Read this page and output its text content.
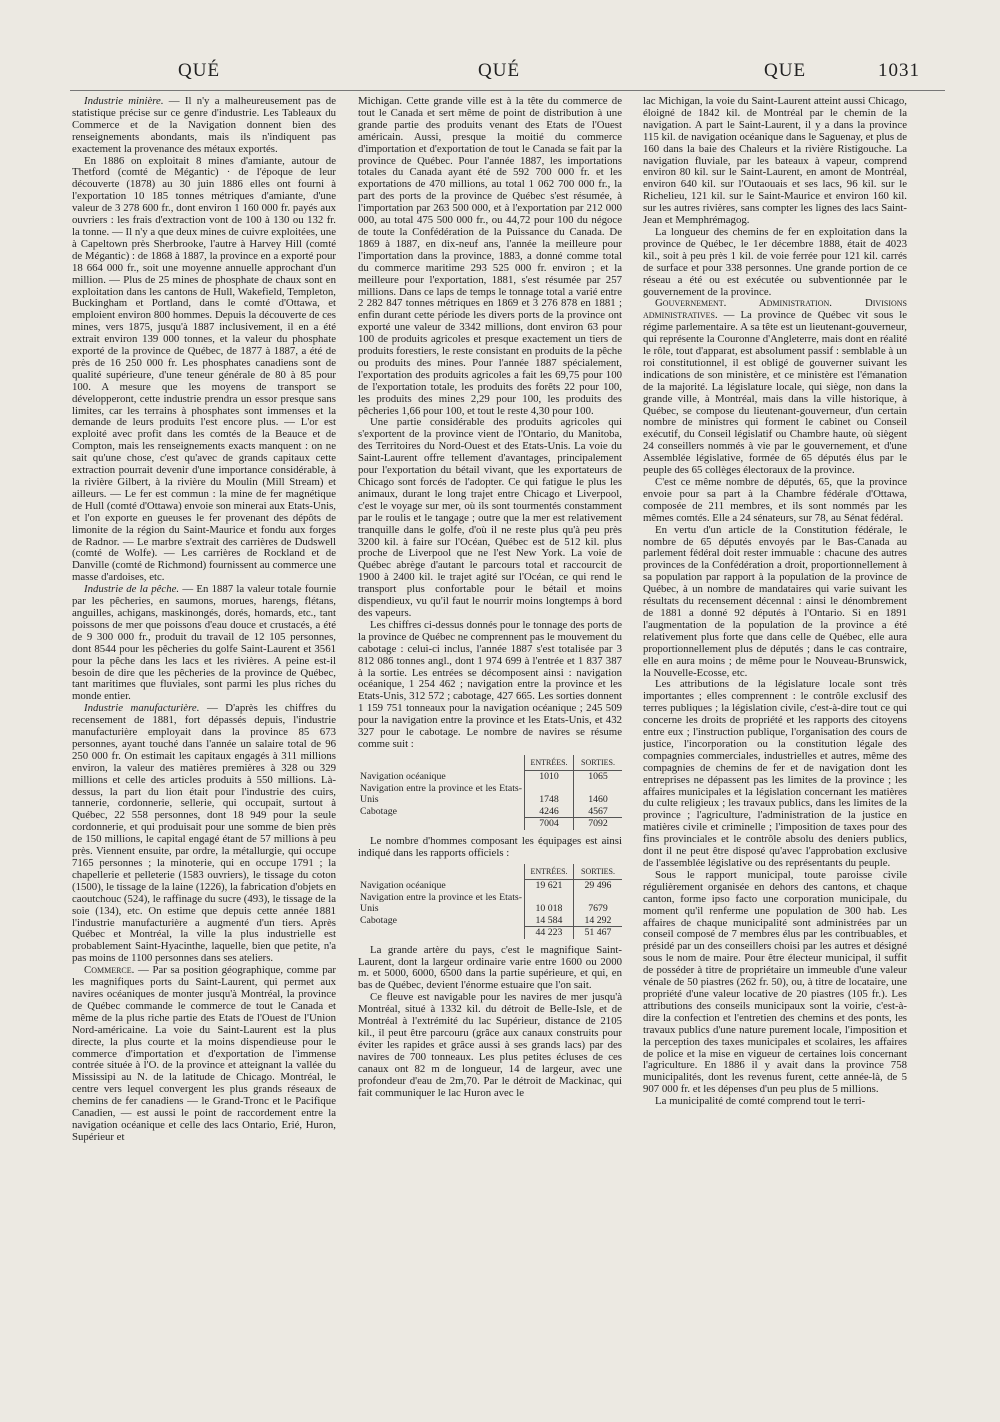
QUÉ	QUÉ	QUE	1031

Industrie minière. — Il n'y a malheureusement pas de statistique précise sur ce genre d'industrie. Les Tableaux du Commerce et de la Navigation donnent bien des renseignements abondants, mais ils n'indiquent pas exactement la provenance des métaux exportés.

En 1886 on exploitait 8 mines d'amiante, autour de Thetford (comté de Mégantic) · de l'époque de leur découverte (1878) au 30 juin 1886 elles ont fourni à l'exportation 10 185 tonnes métriques d'amiante, d'une valeur de 3 278 600 fr., dont environ 1 160 000 fr. payés aux ouvriers : les frais d'extraction vont de 100 à 130 ou 132 fr. la tonne. — Il n'y a que deux mines de cuivre exploitées, une à Capeltown près Sherbrooke, l'autre à Harvey Hill (comté de Mégantic) : de 1868 à 1887, la province en a exporté pour 18 664 000 fr., soit une moyenne annuelle approchant d'un million. — Plus de 25 mines de phosphate de chaux sont en exploitation dans les cantons de Hull, Wakefield, Templeton, Buckingham et Portland, dans le comté d'Ottawa, et emploient environ 800 hommes. Depuis la découverte de ces mines, vers 1875, jusqu'à 1887 inclusivement, il en a été extrait environ 139 000 tonnes, et la valeur du phosphate exporté de la province de Québec, de 1877 à 1887, a été de près de 16 250 000 fr. Les phosphates canadiens sont de qualité supérieure, d'une teneur générale de 80 à 85 pour 100. A mesure que les moyens de transport se développeront, cette industrie prendra un essor presque sans limites, car les terrains à phosphates sont immenses et la demande de leurs produits l'est encore plus. — L'or est exploité avec profit dans les comtés de la Beauce et de Compton, mais les renseignements exacts manquent : on ne sait qu'une chose, c'est qu'avec de grands capitaux cette extraction pourrait devenir d'une importance considérable, à la rivière Gilbert, à la rivière du Moulin (Mill Stream) et ailleurs. — Le fer est commun : la mine de fer magnétique de Hull (comté d'Ottawa) envoie son minerai aux Etats-Unis, et l'on exporte en gueuses le fer provenant des dépôts de limonite de la région du Saint-Maurice et fondu aux forges de Radnor. — Le marbre s'extrait des carrières de Dudswell (comté de Wolfe). — Les carrières de Rockland et de Danville (comté de Richmond) fournissent au commerce une masse d'ardoises, etc.

Industrie de la pêche. — En 1887 la valeur totale fournie par les pêcheries, en saumons, morues, harengs, flétans, anguilles, achigans, maskinongés, dorés, homards, etc., tant poissons de mer que poissons d'eau douce et crustacés, a été de 9 300 000 fr., produit du travail de 12 105 personnes, dont 8544 pour les pêcheries du golfe Saint-Laurent et 3561 pour la pêche dans les lacs et les rivières. A peine est-il besoin de dire que les pêcheries de la province de Québec, tant maritimes que fluviales, sont parmi les plus riches du monde entier.

Industrie manufacturière. — D'après les chiffres du recensement de 1881, fort dépassés depuis, l'industrie manufacturière employait dans la province 85 673 personnes, ayant touché dans l'année un salaire total de 96 250 000 fr. On estimait les capitaux engagés à 311 millions environ, la valeur des matières premières à 328 ou 329 millions et celle des articles produits à 550 millions. Là-dessus, la part du lion était pour l'industrie des cuirs, tannerie, cordonnerie, sellerie, qui occupait, surtout à Québec, 22 558 personnes, dont 18 949 pour la seule cordonnerie, et qui produisait pour une somme de bien près de 150 millions, le capital engagé étant de 57 millions à peu près. Viennent ensuite, par ordre, la métallurgie, qui occupe 7165 personnes ; la minoterie, qui en occupe 1791 ; la chapellerie et pelleterie (1583 ouvriers), le tissage du coton (1500), le tissage de la laine (1226), la fabrication d'objets en caoutchouc (524), le raffinage du sucre (493), le tissage de la soie (134), etc. On estime que depuis cette année 1881 l'industrie manufacturière a augmenté d'un tiers. Après Québec et Montréal, la ville la plus industrielle est probablement Saint-Hyacinthe, laquelle, bien que petite, n'a pas moins de 1100 personnes dans ses ateliers.

Commerce. — Par sa position géographique, comme par les magnifiques ports du Saint-Laurent, qui permet aux navires océaniques de monter jusqu'à Montréal, la province de Québec commande le commerce de tout le Canada et même de la plus riche partie des Etats de l'Ouest de l'Union Nord-américaine. La voie du Saint-Laurent est la plus directe, la plus courte et la moins dispendieuse pour le commerce d'importation et d'exportation de l'immense contrée située à l'O. de la province et atteignant la vallée du Mississipi au N. de la latitude de Chicago. Montréal, le centre vers lequel convergent les plus grands réseaux de chemins de fer canadiens — le Grand-Tronc et le Pacifique Canadien, — est aussi le point de raccordement entre la navigation océanique et celle des lacs Ontario, Erié, Huron, Supérieur et

Michigan. Cette grande ville est à la tête du commerce de tout le Canada et sert même de point de distribution à une grande partie des produits venant des Etats de l'Ouest américain. Aussi, presque la moitié du commerce d'importation et d'exportation de tout le Canada se fait par la province de Québec. Pour l'année 1887, les importations totales du Canada ayant été de 592 700 000 fr. et les exportations de 470 millions, au total 1 062 700 000 fr., la part des ports de la province de Québec s'est résumée, à l'importation par 263 500 000, et à l'exportation par 212 000 000, au total 475 500 000 fr., ou 44,72 pour 100 du négoce de toute la Confédération de la Puissance du Canada. De 1869 à 1887, en dix-neuf ans, l'année la meilleure pour l'importation dans la province, 1883, a donné comme total du commerce maritime 293 525 000 fr. environ ; et la meilleure pour l'exportation, 1881, s'est résumée par 257 millions. Dans ce laps de temps le tonnage total a varié entre 2 282 847 tonnes métriques en 1869 et 3 276 878 en 1881 ; enfin durant cette période les divers ports de la province ont exporté une valeur de 3342 millions, dont environ 63 pour 100 de produits agricoles et presque exactement un tiers de produits forestiers, le reste consistant en produits de la pêche ou produits des mines. Pour l'année 1887 spécialement, l'exportation des produits agricoles a fait les 69,75 pour 100 de l'exportation totale, les produits des forêts 22 pour 100, les produits des mines 2,29 pour 100, les produits des pêcheries 1,66 pour 100, et tout le reste 4,30 pour 100.

Une partie considérable des produits agricoles qui s'exportent de la province vient de l'Ontario, du Manitoba, des Territoires du Nord-Ouest et des Etats-Unis. La voie du Saint-Laurent offre tellement d'avantages, principalement pour l'exportation du bétail vivant, que les exportateurs de Chicago sont forcés de l'adopter. Ce qui fatigue le plus les animaux, durant le long trajet entre Chicago et Liverpool, c'est le voyage sur mer, où ils sont tourmentés constamment par le roulis et le tangage ; outre que la mer est relativement tranquille dans le golfe, d'où il ne reste plus qu'à peu près 3200 kil. à faire sur l'Océan, Québec est de 512 kil. plus proche de Liverpool que ne l'est New York. La voie de Québec abrège d'autant le parcours total et raccourcit de 1900 à 2400 kil. le trajet agité sur l'Océan, ce qui rend le transport plus confortable pour le bétail et moins dispendieux, vu qu'il faut le nourrir moins longtemps à bord des vapeurs.

Les chiffres ci-dessus donnés pour le tonnage des ports de la province de Québec ne comprennent pas le mouvement du cabotage : celui-ci inclus, l'année 1887 s'est totalisée par 3 812 086 tonnes angl., dont 1 974 699 à l'entrée et 1 837 387 à la sortie. Les entrées se décomposent ainsi : navigation océanique, 1 254 462 ; navigation entre la province et les Etats-Unis, 312 572 ; cabotage, 427 665. Les sorties donnent 1 159 751 tonneaux pour la navigation océanique ; 245 509 pour la navigation entre la province et les Etats-Unis, et 432 327 pour le cabotage. Le nombre de navires se résume comme suit :

	ENTRÉES.	SORTIES.
Navigation océanique	1010	1065
Navigation entre la province et les Etats-Unis	1748	1460
Cabotage	4246	4567
	7004	7092

Le nombre d'hommes composant les équipages est ainsi indiqué dans les rapports officiels :

	ENTRÉES.	SORTIES.
Navigation océanique	19 621	29 496
Navigation entre la province et les Etats-Unis	10 018	7679
Cabotage	14 584	14 292
	44 223	51 467

La grande artère du pays, c'est le magnifique Saint-Laurent, dont la largeur ordinaire varie entre 1600 ou 2000 m. et 5000, 6000, 6500 dans la partie supérieure, et qui, en bas de Québec, devient l'énorme estuaire que l'on sait.

Ce fleuve est navigable pour les navires de mer jusqu'à Montréal, situé à 1332 kil. du détroit de Belle-Isle, et de Montréal à l'extrémité du lac Supérieur, distance de 2105 kil., il peut être parcouru (grâce aux canaux construits pour éviter les rapides et grâce aussi à ses grands lacs) par des navires de 700 tonneaux. Les plus petites écluses de ces canaux ont 82 m de longueur, 14 de largeur, avec une profondeur d'eau de 2m,70. Par le détroit de Mackinac, qui fait communiquer le lac Huron avec le

lac Michigan, la voie du Saint-Laurent atteint aussi Chicago, éloigné de 1842 kil. de Montréal par le chemin de la navigation. A part le Saint-Laurent, il y a dans la province 115 kil. de navigation océanique dans le Saguenay, et plus de 160 dans la baie des Chaleurs et la rivière Ristigouche. La navigation fluviale, par les bateaux à vapeur, comprend environ 80 kil. sur le Saint-Laurent, en amont de Montréal, environ 640 kil. sur l'Outaouais et ses lacs, 96 kil. sur le Richelieu, 121 kil. sur le Saint-Maurice et environ 160 kil. sur les autres rivières, sans compter les lignes des lacs Saint-Jean et Memphrémagog.

La longueur des chemins de fer en exploitation dans la province de Québec, le 1er décembre 1888, était de 4023 kil., soit à peu près 1 kil. de voie ferrée pour 121 kil. carrés de surface et pour 338 personnes. Une grande portion de ce réseau a été ou est exécutée ou subventionnée par le gouvernement de la province.

Gouvernement. Administration. Divisions administratives. — La province de Québec vit sous le régime parlementaire. A sa tête est un lieutenant-gouverneur, qui représente la Couronne d'Angleterre, mais dont en réalité le rôle, tout d'apparat, est absolument passif : semblable à un roi constitutionnel, il est obligé de gouverner suivant les indications de son ministère, et ce ministère est l'émanation de la majorité. La législature locale, qui siège, non dans la grande ville, à Montréal, mais dans la ville historique, à Québec, se compose du lieutenant-gouverneur, d'un certain nombre de ministres qui forment le cabinet ou Conseil exécutif, du Conseil législatif ou Chambre haute, où siègent 24 conseillers nommés à vie par le gouvernement, et d'une Assemblée législative, formée de 65 députés élus par le peuple des 65 collèges électoraux de la province.

C'est ce même nombre de députés, 65, que la province envoie pour sa part à la Chambre fédérale d'Ottawa, composée de 211 membres, et ils sont nommés par les mêmes comtés. Elle a 24 sénateurs, sur 78, au Sénat fédéral.

En vertu d'un article de la Constitution fédérale, le nombre de 65 députés envoyés par le Bas-Canada au parlement fédéral doit rester immuable : chacune des autres provinces de la Confédération a droit, proportionnellement à sa population par rapport à la population de la province de Québec, à un nombre de mandataires qui varie suivant les résultats du recensement décennal : ainsi le dénombrement de 1881 a donné 92 députés à l'Ontario. Si en 1891 l'augmentation de la population de la province a été relativement plus forte que dans celle de Québec, elle aura proportionnellement plus de députés ; dans le cas contraire, elle en aura moins ; de même pour le Nouveau-Brunswick, la Nouvelle-Ecosse, etc.

Les attributions de la législature locale sont très importantes ; elles comprennent : le contrôle exclusif des terres publiques ; la législation civile, c'est-à-dire tout ce qui concerne les droits de propriété et les rapports des citoyens entre eux ; l'instruction publique, l'organisation des cours de justice, l'incorporation ou la constitution légale des compagnies commerciales, industrielles et autres, même des compagnies de chemins de fer et de navigation dont les entreprises ne dépassent pas les limites de la province ; les affaires municipales et la législation concernant les matières du culte religieux ; les travaux publics, dans les limites de la province ; l'agriculture, l'administration de la justice en matières civile et criminelle ; l'imposition de taxes pour des fins provinciales et le contrôle absolu des deniers publics, dont il ne peut être disposé qu'avec l'approbation exclusive de l'assemblée législative ou des représentants du peuple.

Sous le rapport municipal, toute paroisse civile régulièrement organisée en dehors des cantons, et chaque canton, forme ipso facto une corporation municipale, du moment qu'il renferme une population de 300 hab. Les affaires de chaque municipalité sont administrées par un conseil composé de 7 membres élus par les contribuables, et présidé par un des conseillers choisi par les autres et désigné sous le nom de maire. Pour être électeur municipal, il suffit de posséder à titre de propriétaire un immeuble d'une valeur vénale de 50 piastres (262 fr. 50), ou, à titre de locataire, une propriété d'une valeur locative de 20 piastres (105 fr.). Les attributions des conseils municipaux sont la voirie, c'est-à-dire la confection et l'entretien des chemins et des ponts, les travaux publics d'une nature purement locale, l'imposition et la perception des taxes municipales et scolaires, les affaires de police et la mise en vigueur de certaines lois concernant l'agriculture. En 1886 il y avait dans la province 758 municipalités, dont les revenus furent, cette année-là, de 5 907 000 fr. et les dépenses d'un peu plus de 5 millions.

La municipalité de comté comprend tout le terri-
